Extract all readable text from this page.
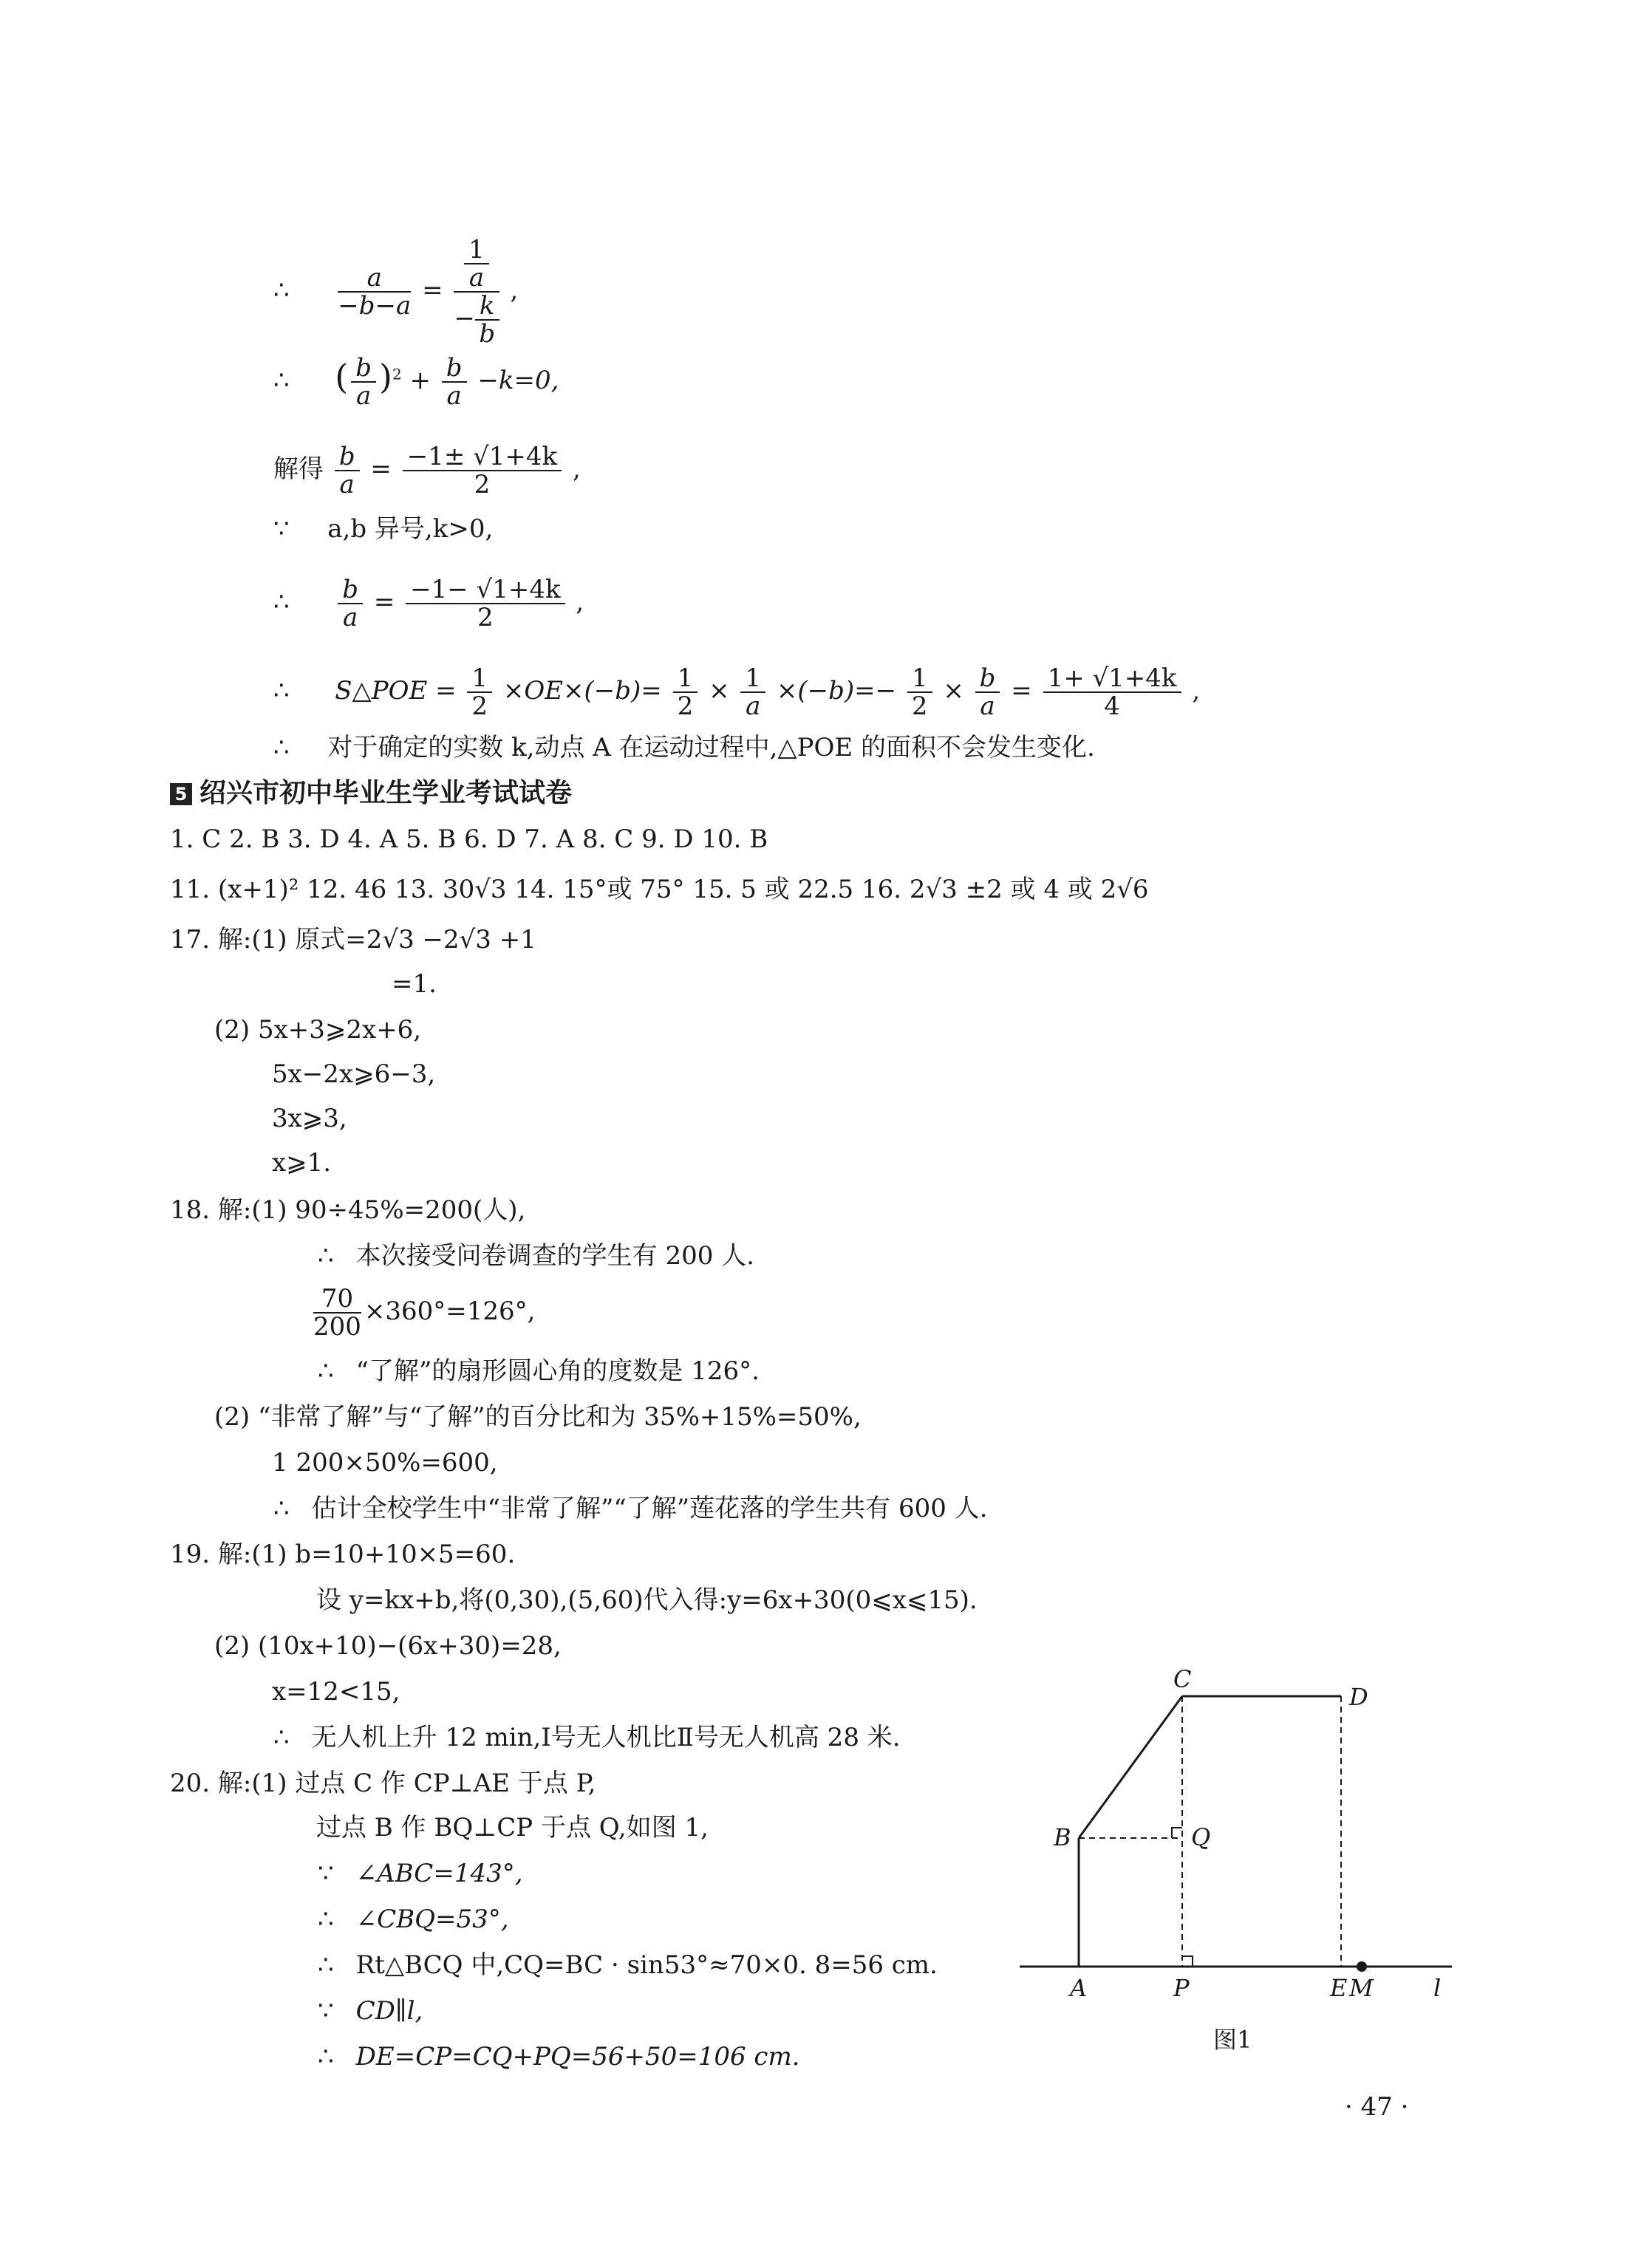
∴ $\frac{a}{-b-a} = \frac{\frac{1}{a}}{- \frac{k}{b}}$ ,
∴ ( $\frac{b}{a} )^2 + \frac{b}{a} -k=0$,
解得 $\frac{b}{a} = \frac{-1\pm √1+4k}{2}$ ,
∵ a,b 异号,k>0,
∴ $\frac{b}{a} = \frac{-1- √1+4k}{2}$ ,
∴ S△POE = $\frac{1}{2} \times OE\times(-b)= \frac{1}{2} \times \frac{1}{a} \times(-b)=- \frac{1}{2} \times \frac{b}{a} = \frac{1+ √1+4k}{4}$ ,
∴ 对于确定的实数 k,动点 A 在运动过程中,△POE 的面积不会发生变化.
5 绍兴市初中毕业生学业考试试卷
1. C 2. B 3. D 4. A 5. B 6. D 7. A 8. C 9. D 10. B
11. (x+1)² 12. 46 13. 30√3 14. 15°或 75° 15. 5 或 22.5 16. 2√3 ±2 或 4 或 2√6
17. 解:(1) 原式=2√3 −2√3 +1
=1.
(2) 5x+3⩾2x+6,
5x−2x⩾6−3,
3x⩾3,
x⩾1.
18. 解:(1) 90÷45%=200(人),
∴ 本次接受问卷调查的学生有 200 人.
$\frac{70}{200} \times 360^\circ=126^\circ$,
∴ “了解”的扇形圆心角的度数是 126°.
(2) “非常了解”与“了解”的百分比和为 35%+15%=50%,
1 200×50%=600,
∴ 估计全校学生中“非常了解”“了解”莲花落的学生共有 600 人.
19. 解:(1) b=10+10×5=60.
设 y=kx+b,将(0,30),(5,60)代入得:y=6x+30(0⩽x⩽15).
(2) (10x+10)−(6x+30)=28,
x=12<15,
∴ 无人机上升 12 min,Ⅰ号无人机比Ⅱ号无人机高 28 米.
20. 解:(1) 过点 C 作 CP⊥AE 于点 P,
过点 B 作 BQ⊥CP 于点 Q,如图 1,
∵ ∠ABC=143°,
∴ ∠CBQ=53°,
∴ Rt△BCQ 中,CQ=BC · sin53°≈70×0. 8=56 cm.
∵ CD∥l,
∴ DE=CP=CQ+PQ=56+50=106 cm.
C
D
B	Q
A	P	E M	l
图1
· 47 ·
